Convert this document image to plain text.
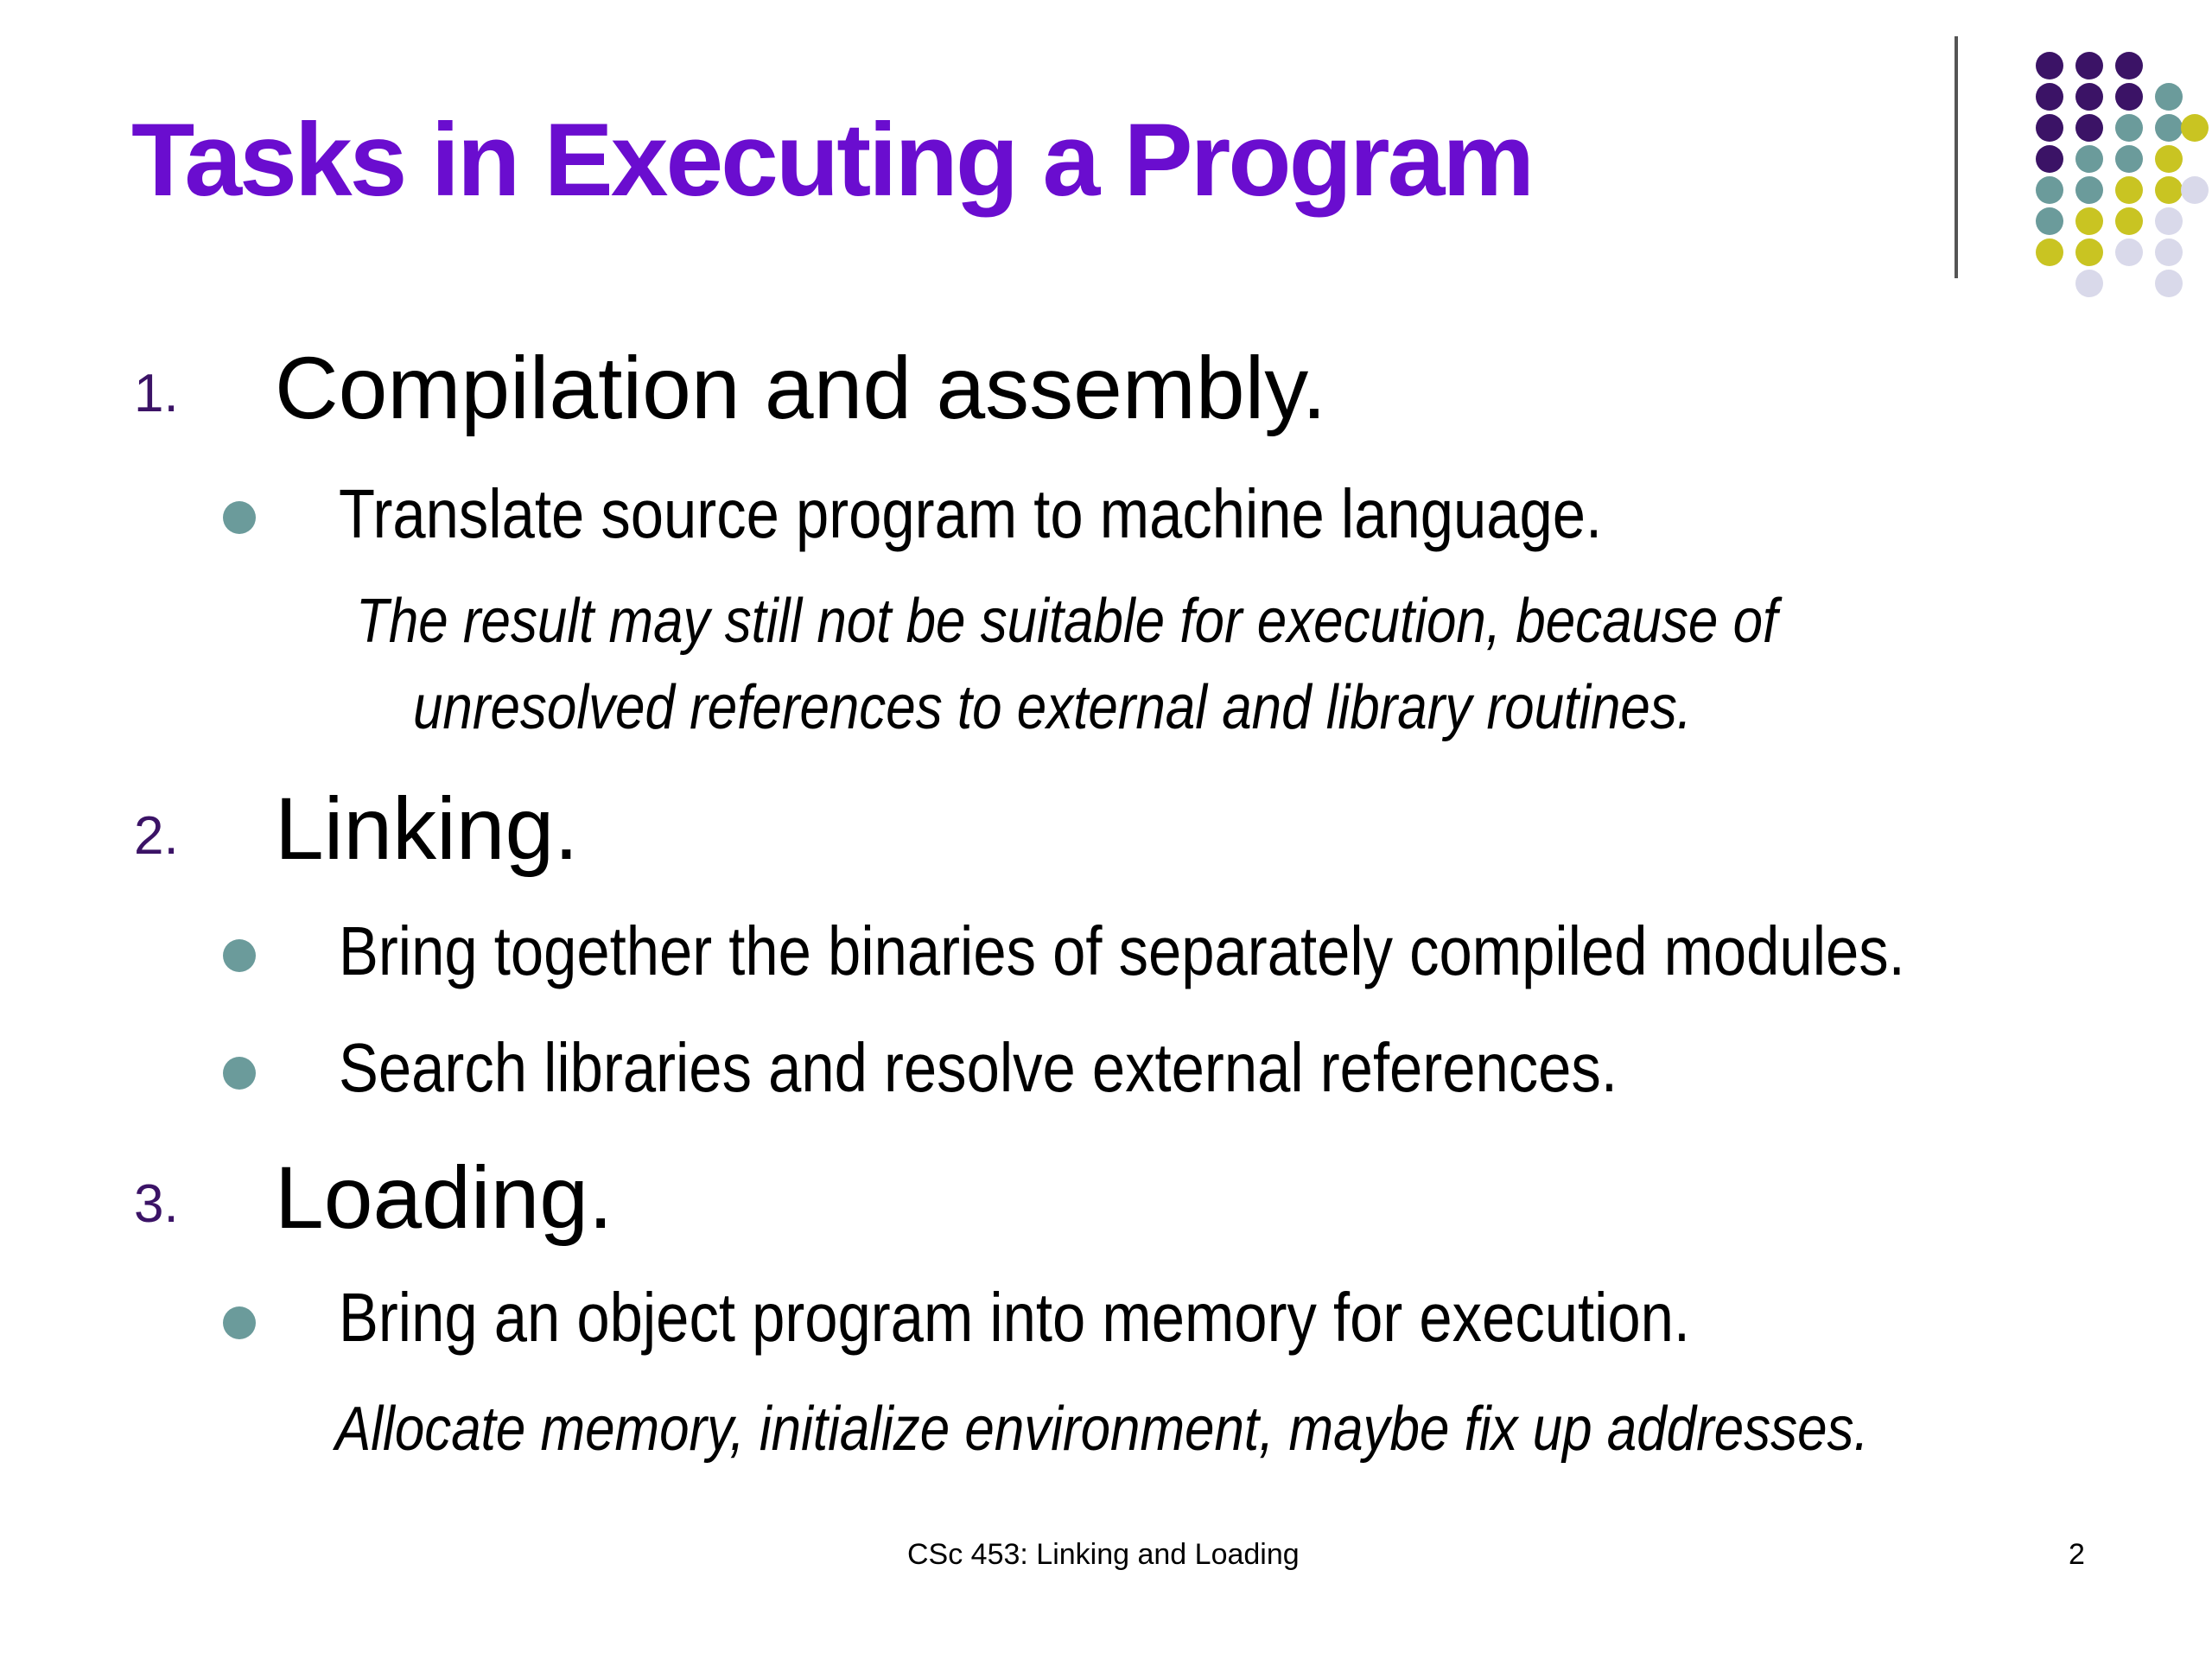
Tasks in Executing a Program
1. Compilation and assembly.
Translate source program to machine language.
The result may still not be suitable for execution, because of
unresolved references to external and library routines.
2. Linking.
Bring together the binaries of separately compiled modules.
Search libraries and resolve external references.
3. Loading.
Bring an object program into memory for execution.
Allocate memory, initialize environment, maybe fix up addresses.
CSc 453: Linking and Loading	2
